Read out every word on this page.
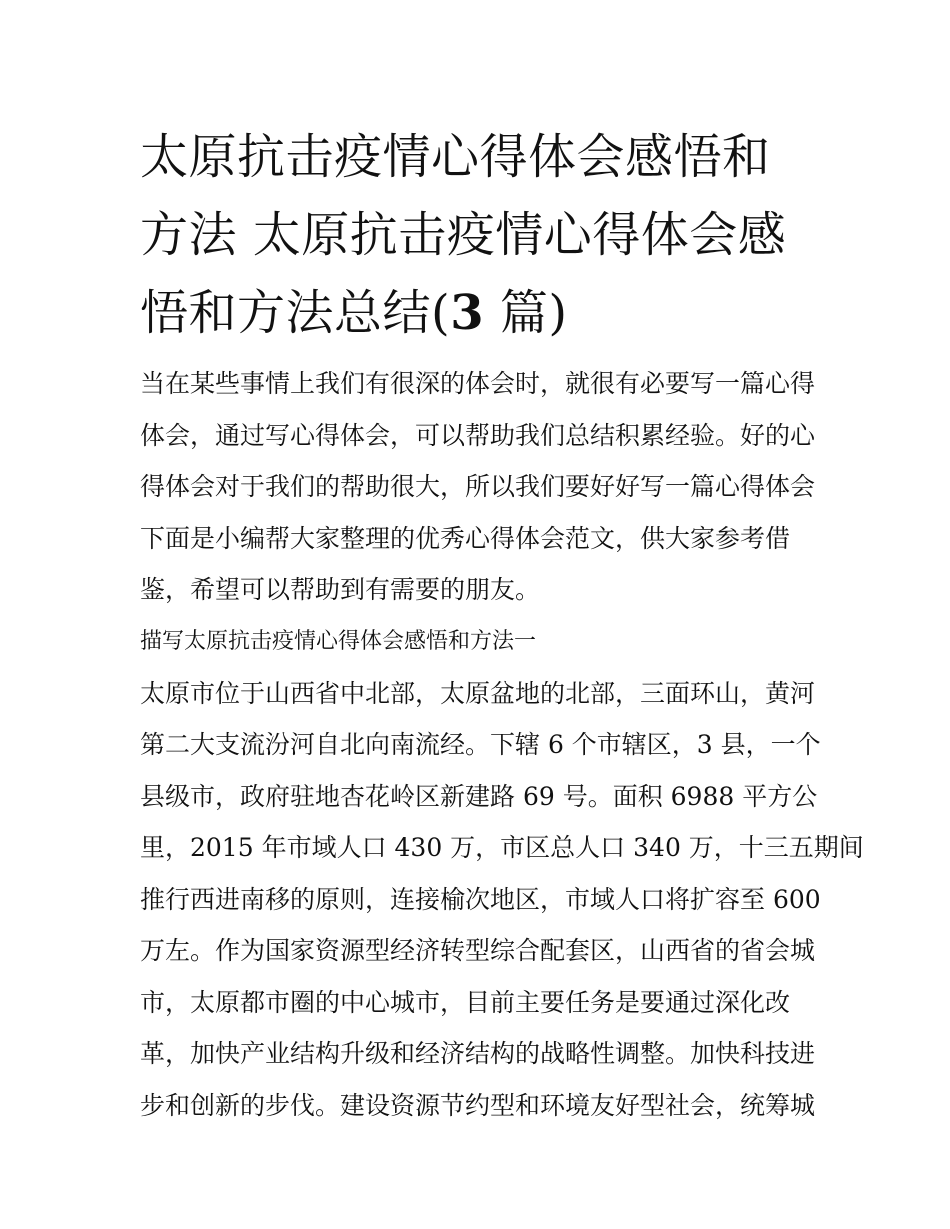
太原抗击疫情心得体会感悟和
方法 太原抗击疫情心得体会感
悟和方法总结(3 篇)

当在某些事情上我们有很深的体会时，就很有必要写一篇心得
体会，通过写心得体会，可以帮助我们总结积累经验。好的心
得体会对于我们的帮助很大，所以我们要好好写一篇心得体会
下面是小编帮大家整理的优秀心得体会范文，供大家参考借
鉴，希望可以帮助到有需要的朋友。

描写太原抗击疫情心得体会感悟和方法一

太原市位于山西省中北部，太原盆地的北部，三面环山，黄河
第二大支流汾河自北向南流经。下辖 6 个市辖区，3 县，一个
县级市，政府驻地杏花岭区新建路 69 号。面积 6988 平方公
里，2015 年市域人口 430 万，市区总人口 340 万，十三五期间
推行西进南移的原则，连接榆次地区，市域人口将扩容至 600
万左。作为国家资源型经济转型综合配套区，山西省的省会城
市，太原都市圈的中心城市，目前主要任务是要通过深化改
革，加快产业结构升级和经济结构的战略性调整。加快科技进
步和创新的步伐。建设资源节约型和环境友好型社会，统筹城
